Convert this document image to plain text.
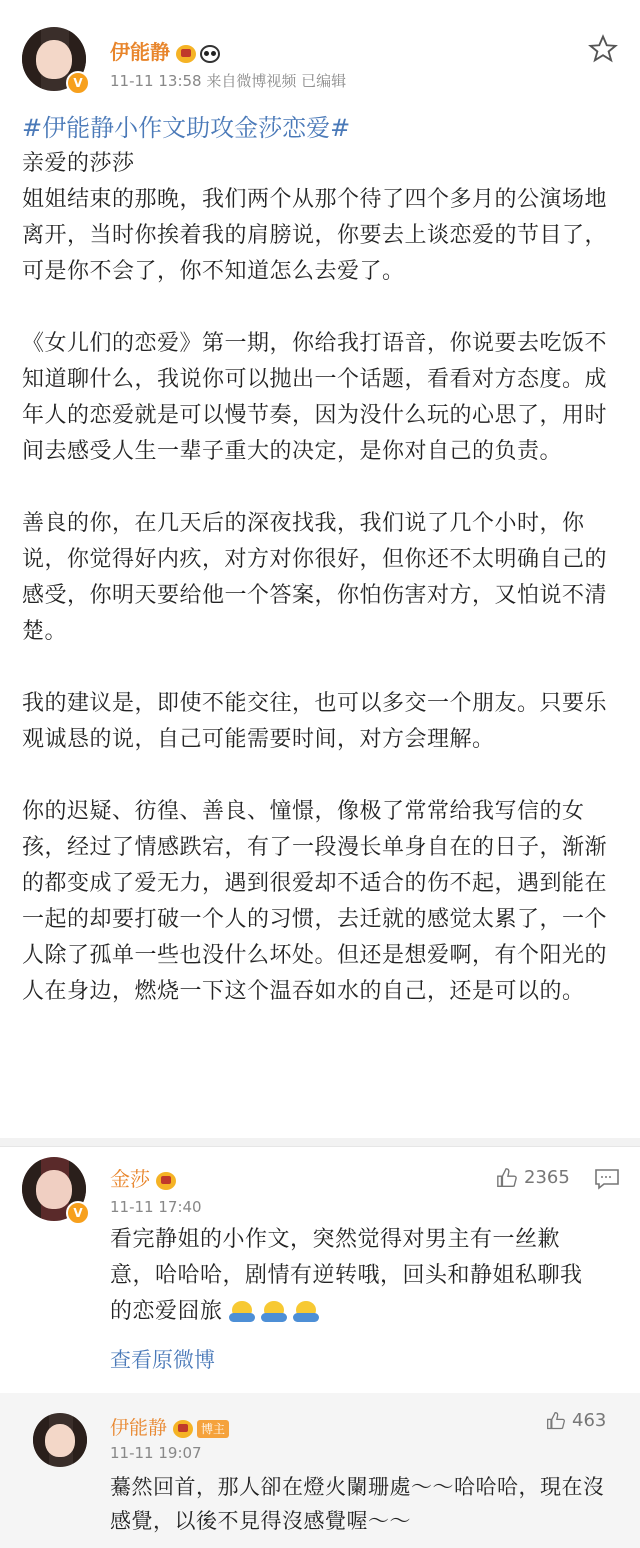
V
伊能静
11-11 13:58 来自微博视频 已编辑
#伊能静小作文助攻金莎恋爱#
亲爱的莎莎
姐姐结束的那晚，我们两个从那个待了四个多月的公演场地离开，当时你挨着我的肩膀说，你要去上谈恋爱的节目了，可是你不会了，你不知道怎么去爱了。

《女儿们的恋爱》第一期，你给我打语音，你说要去吃饭不知道聊什么，我说你可以抛出一个话题，看看对方态度。成年人的恋爱就是可以慢节奏，因为没什么玩的心思了，用时间去感受人生一辈子重大的决定，是你对自己的负责。

善良的你，在几天后的深夜找我，我们说了几个小时，你说，你觉得好内疚，对方对你很好，但你还不太明确自己的感受，你明天要给他一个答案，你怕伤害对方，又怕说不清楚。

我的建议是，即使不能交往，也可以多交一个朋友。只要乐观诚恳的说，自己可能需要时间，对方会理解。

你的迟疑、彷徨、善良、憧憬，像极了常常给我写信的女孩，经过了情感跌宕，有了一段漫长单身自在的日子，渐渐的都变成了爱无力，遇到很爱却不适合的伤不起，遇到能在一起的却要打破一个人的习惯，去迁就的感觉太累了，一个人除了孤单一些也没什么坏处。但还是想爱啊，有个阳光的人在身边，燃烧一下这个温吞如水的自己，还是可以的。
V
金莎
11-11 17:40
2365
看完静姐的小作文，突然觉得对男主有一丝歉意，哈哈哈，剧情有逆转哦，回头和静姐私聊我的恋爱囧旅
查看原微博
伊能静	博主
11-11 19:07
463
驀然回首，那人卻在燈火闌珊處～～哈哈哈，現在沒感覺，以後不見得沒感覺喔～～
